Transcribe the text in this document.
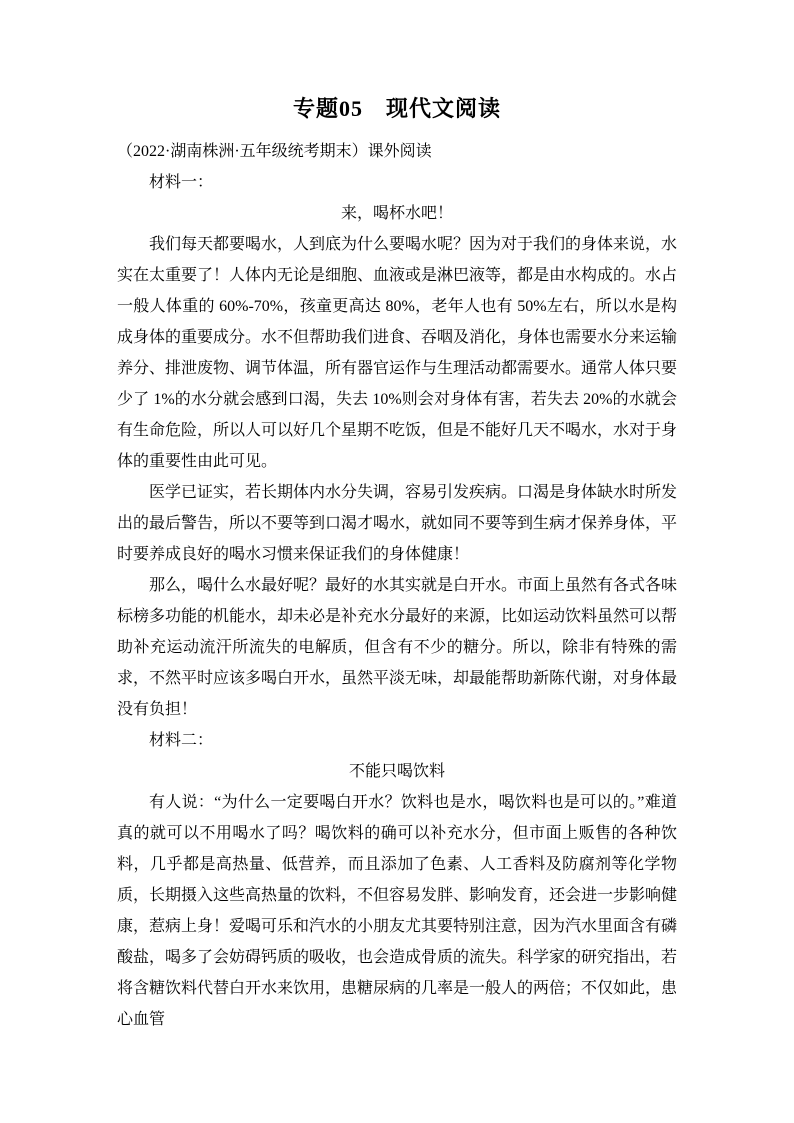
专题05　现代文阅读

（2022·湖南株洲·五年级统考期末）课外阅读

材料一：

来，喝杯水吧！

我们每天都要喝水，人到底为什么要喝水呢？因为对于我们的身体来说，水实在太重要了！人体内无论是细胞、血液或是淋巴液等，都是由水构成的。水占一般人体重的 60%-70%，孩童更高达 80%，老年人也有 50%左右，所以水是构成身体的重要成分。水不但帮助我们进食、吞咽及消化，身体也需要水分来运输养分、排泄废物、调节体温，所有器官运作与生理活动都需要水。通常人体只要少了 1%的水分就会感到口渴，失去 10%则会对身体有害，若失去 20%的水就会有生命危险，所以人可以好几个星期不吃饭，但是不能好几天不喝水，水对于身体的重要性由此可见。

医学已证实，若长期体内水分失调，容易引发疾病。口渴是身体缺水时所发出的最后警告，所以不要等到口渴才喝水，就如同不要等到生病才保养身体，平时要养成良好的喝水习惯来保证我们的身体健康！

那么，喝什么水最好呢？最好的水其实就是白开水。市面上虽然有各式各味标榜多功能的机能水，却未必是补充水分最好的来源，比如运动饮料虽然可以帮助补充运动流汗所流失的电解质，但含有不少的糖分。所以，除非有特殊的需求，不然平时应该多喝白开水，虽然平淡无味，却最能帮助新陈代谢，对身体最没有负担！

材料二：

不能只喝饮料

有人说：“为什么一定要喝白开水？饮料也是水，喝饮料也是可以的。”难道真的就可以不用喝水了吗？喝饮料的确可以补充水分，但市面上贩售的各种饮料，几乎都是高热量、低营养，而且添加了色素、人工香料及防腐剂等化学物质，长期摄入这些高热量的饮料，不但容易发胖、影响发育，还会进一步影响健康，惹病上身！爱喝可乐和汽水的小朋友尤其要特别注意，因为汽水里面含有磷酸盐，喝多了会妨碍钙质的吸收，也会造成骨质的流失。科学家的研究指出，若将含糖饮料代替白开水来饮用，患糖尿病的几率是一般人的两倍；不仅如此，患心血管
